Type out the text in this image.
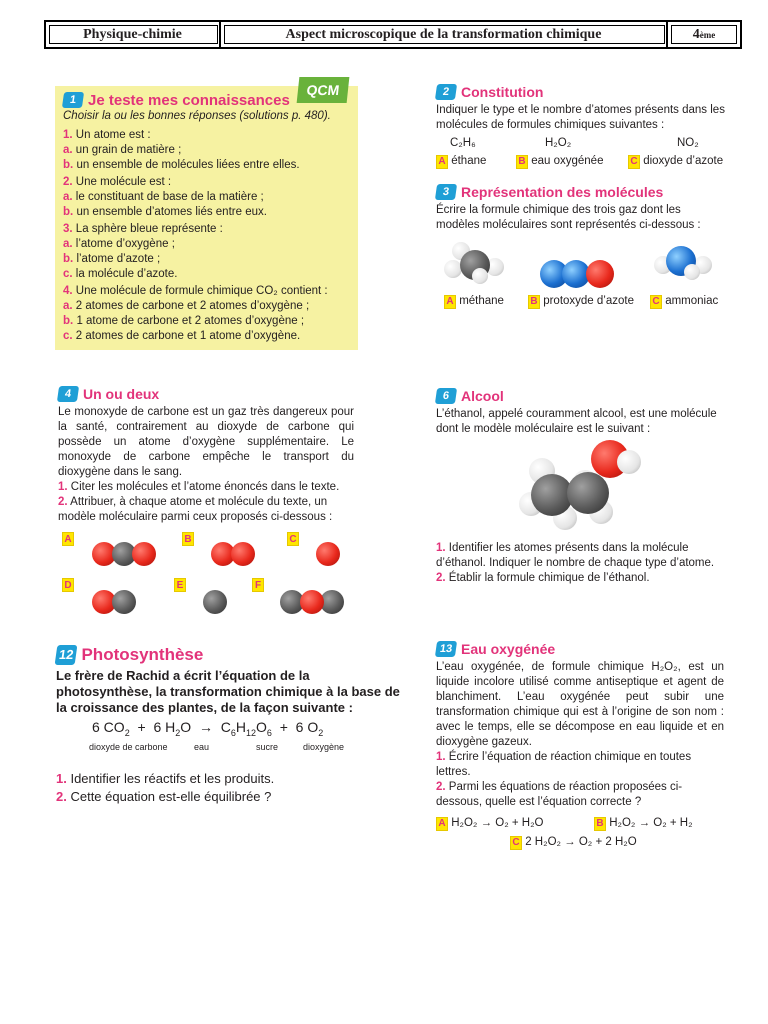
Physique-chimie	Aspect microscopique de la transformation chimique	4 ème
QCM
1 Je teste mes connaissances

Choisir la ou les bonnes réponses (solutions p. 480).

1. Un atome est :

a. un grain de matière ;

b. un ensemble de molécules liées entre elles.

2. Une molécule est :

a. le constituant de base de la matière ;

b. un ensemble d’atomes liés entre eux.

3. La sphère bleue représente :

a. l’atome d’oxygène ;

b. l’atome d’azote ;

c. la molécule d’azote.

4. Une molécule de formule chimique CO₂ contient :

a. 2 atomes de carbone et 2 atomes d’oxygène ;

b. 1 atome de carbone et 2 atomes d’oxygène ;

c. 2 atomes de carbone et 1 atome d’oxygène.

2 Constitution

Indiquer le type et le nombre d’atomes présents dans les molécules de formules chimiques suivantes :

C₂H₆	H₂O₂	NO₂
A éthane	B eau oxygénée	C dioxyde d’azote
3 Représentation des molécules

Écrire la formule chimique des trois gaz dont les modèles moléculaires sont représentés ci-dessous :

A méthane	B protoxyde d’azote	C ammoniac
4 Un ou deux

Le monoxyde de carbone est un gaz très dangereux pour la santé, contrairement au dioxyde de carbone qui possède un atome d’oxygène supplémentaire. Le monoxyde de carbone empêche le transport du dioxygène dans le sang.

1. Citer les molécules et l’atome énoncés dans le texte.

2. Attribuer, à chaque atome et molécule du texte, un modèle moléculaire parmi ceux proposés ci-dessous :

A	B	C
D	E	F
6 Alcool

L’éthanol, appelé couramment alcool, est une molécule dont le modèle moléculaire est le suivant :

1. Identifier les atomes présents dans la molécule d’éthanol. Indiquer le nombre de chaque type d’atome.

2. Établir la formule chimique de l’éthanol.

12 Photosynthèse

Le frère de Rachid a écrit l’équation de la photosynthèse, la transformation chimique à la base de la croissance des plantes, de la façon suivante :

6 $CO_2 + 6$ $H_2O \to C_6H_{12}O_6 + 6$ $O_2$
dioxyde de carbone	eau	sucre	dioxygène

1. Identifier les réactifs et les produits.

2. Cette équation est-elle équilibrée ?

13 Eau oxygénée

L’eau oxygénée, de formule chimique H₂O₂, est un liquide incolore utilisé comme antiseptique et agent de blanchiment. L’eau oxygénée peut subir une transformation chimique qui est à l’origine de son nom : avec le temps, elle se décompose en eau liquide et en dioxygène gazeux.

1. Écrire l’équation de réaction chimique en toutes lettres.

2. Parmi les équations de réaction proposées ci-dessous, quelle est l’équation correcte ?

A H₂O₂ → O₂ + H₂O	B H₂O₂ → O₂ + H₂
C 2 H₂O₂ → O₂ + 2 H₂O
